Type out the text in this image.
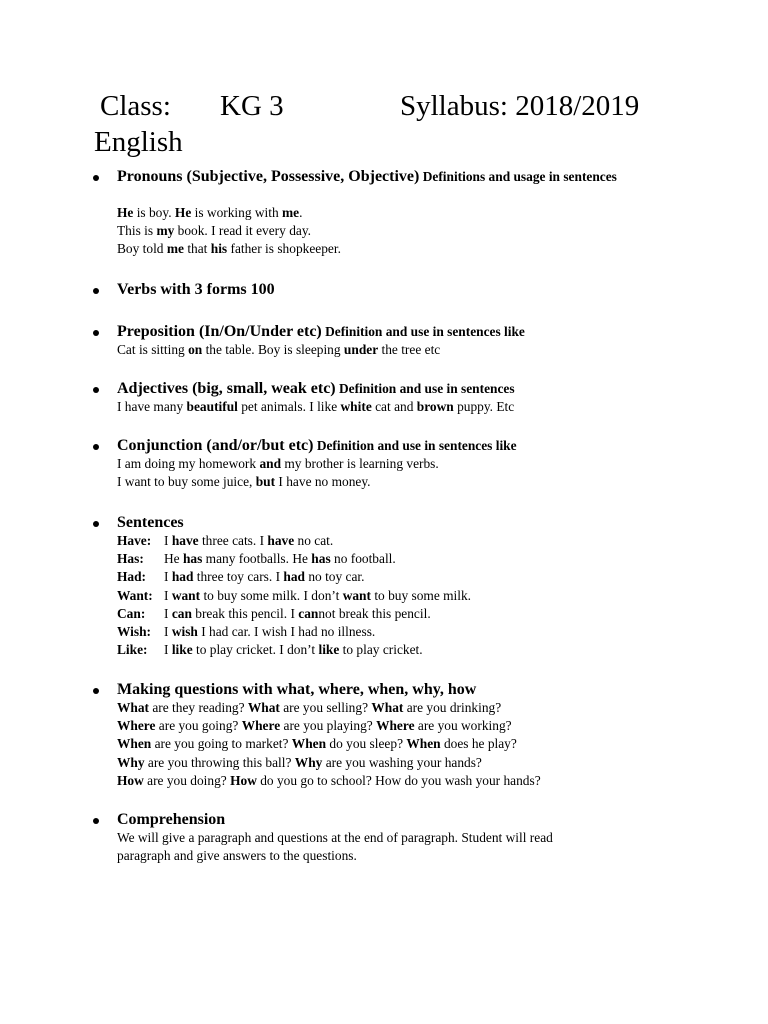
Class: KG 3	Syllabus: 2018/2019
English
Pronouns (Subjective, Possessive, Objective) Definitions and usage in sentences
He is boy. He is working with me.
This is my book. I read it every day.
Boy told me that his father is shopkeeper.
Verbs with 3 forms 100
Preposition (In/On/Under etc) Definition and use in sentences like
Cat is sitting on the table. Boy is sleeping under the tree etc
Adjectives (big, small, weak etc) Definition and use in sentences
I have many beautiful pet animals. I like white cat and brown puppy. Etc
Conjunction (and/or/but etc) Definition and use in sentences like
I am doing my homework and my brother is learning verbs.
I want to buy some juice, but I have no money.
Sentences
Have: I have three cats. I have no cat.
Has: He has many footballs. He has no football.
Had: I had three toy cars. I had no toy car.
Want: I want to buy some milk. I don’t want to buy some milk.
Can: I can break this pencil. I cannot break this pencil.
Wish: I wish I had car. I wish I had no illness.
Like: I like to play cricket. I don’t like to play cricket.
Making questions with what, where, when, why, how
What are they reading? What are you selling? What are you drinking?
Where are you going? Where are you playing? Where are you working?
When are you going to market? When do you sleep? When does he play?
Why are you throwing this ball? Why are you washing your hands?
How are you doing? How do you go to school? How do you wash your hands?
Comprehension
We will give a paragraph and questions at the end of paragraph. Student will read
paragraph and give answers to the questions.
